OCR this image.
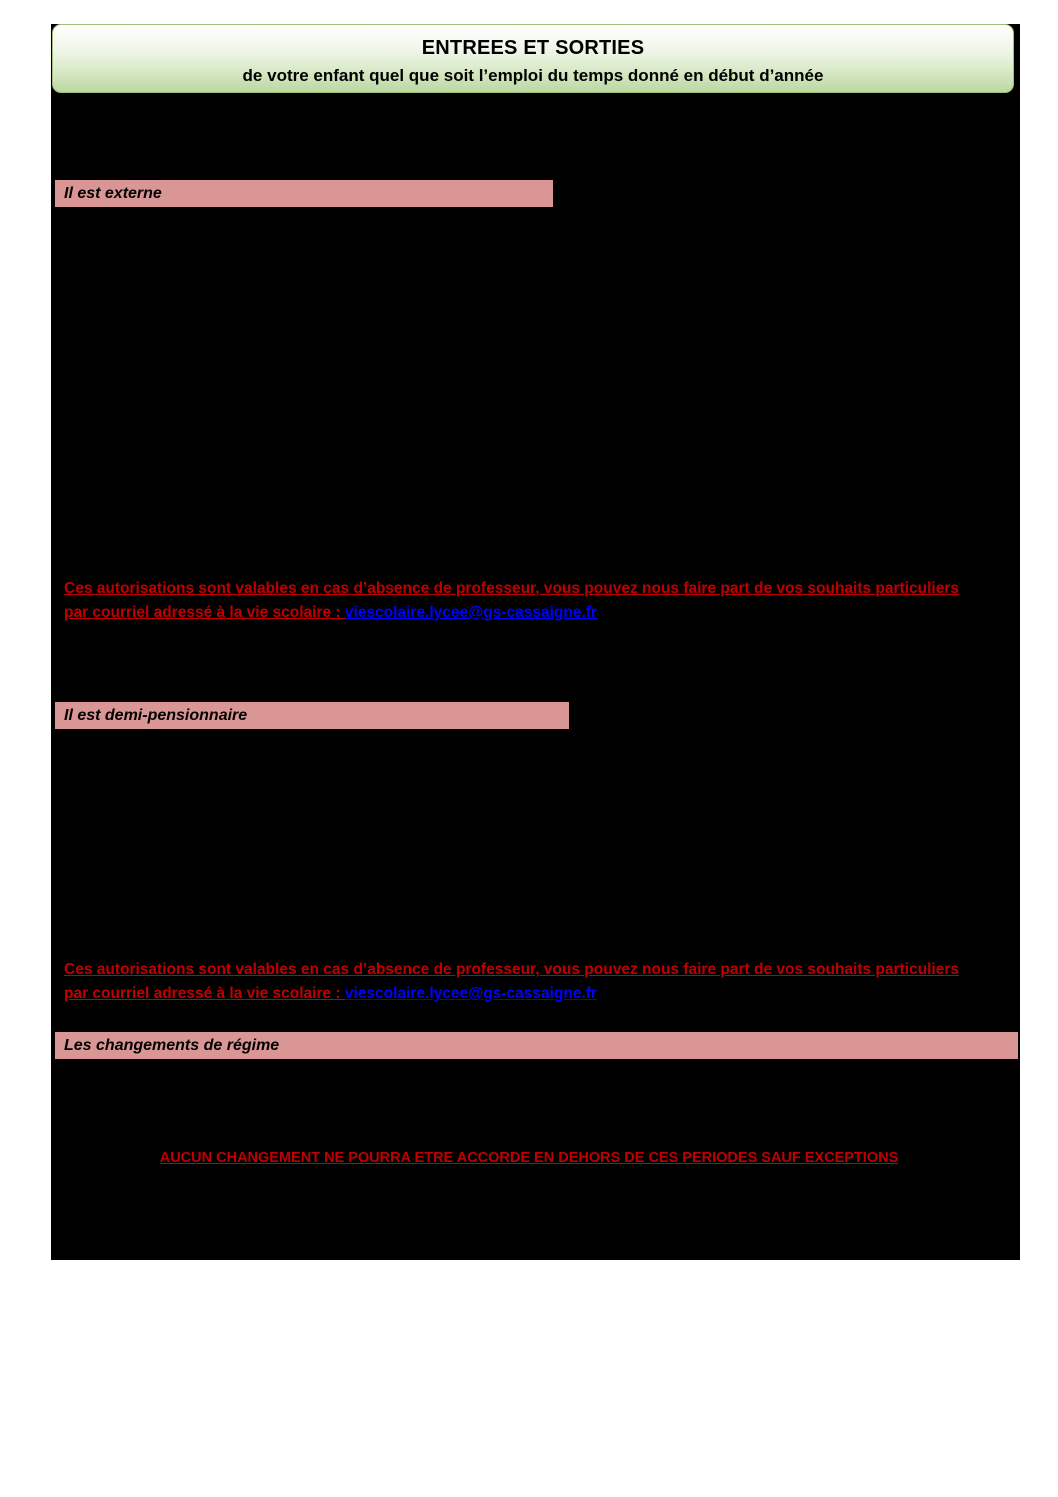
ENTREES ET SORTIES
de votre enfant quel que soit l’emploi du temps donné en début d’année
Il est externe
Ces autorisations sont valables en cas d’absence de professeur, vous pouvez nous faire part de vos souhaits particuliers par courriel adressé à la vie scolaire : viescolaire.lycee@gs-cassaigne.fr
Il est demi-pensionnaire
Ces autorisations sont valables en cas d’absence de professeur, vous pouvez nous faire part de vos souhaits particuliers par courriel adressé à la vie scolaire : viescolaire.lycee@gs-cassaigne.fr
Les changements de régime
AUCUN CHANGEMENT NE POURRA ETRE ACCORDE EN DEHORS DE CES PERIODES SAUF EXCEPTIONS
